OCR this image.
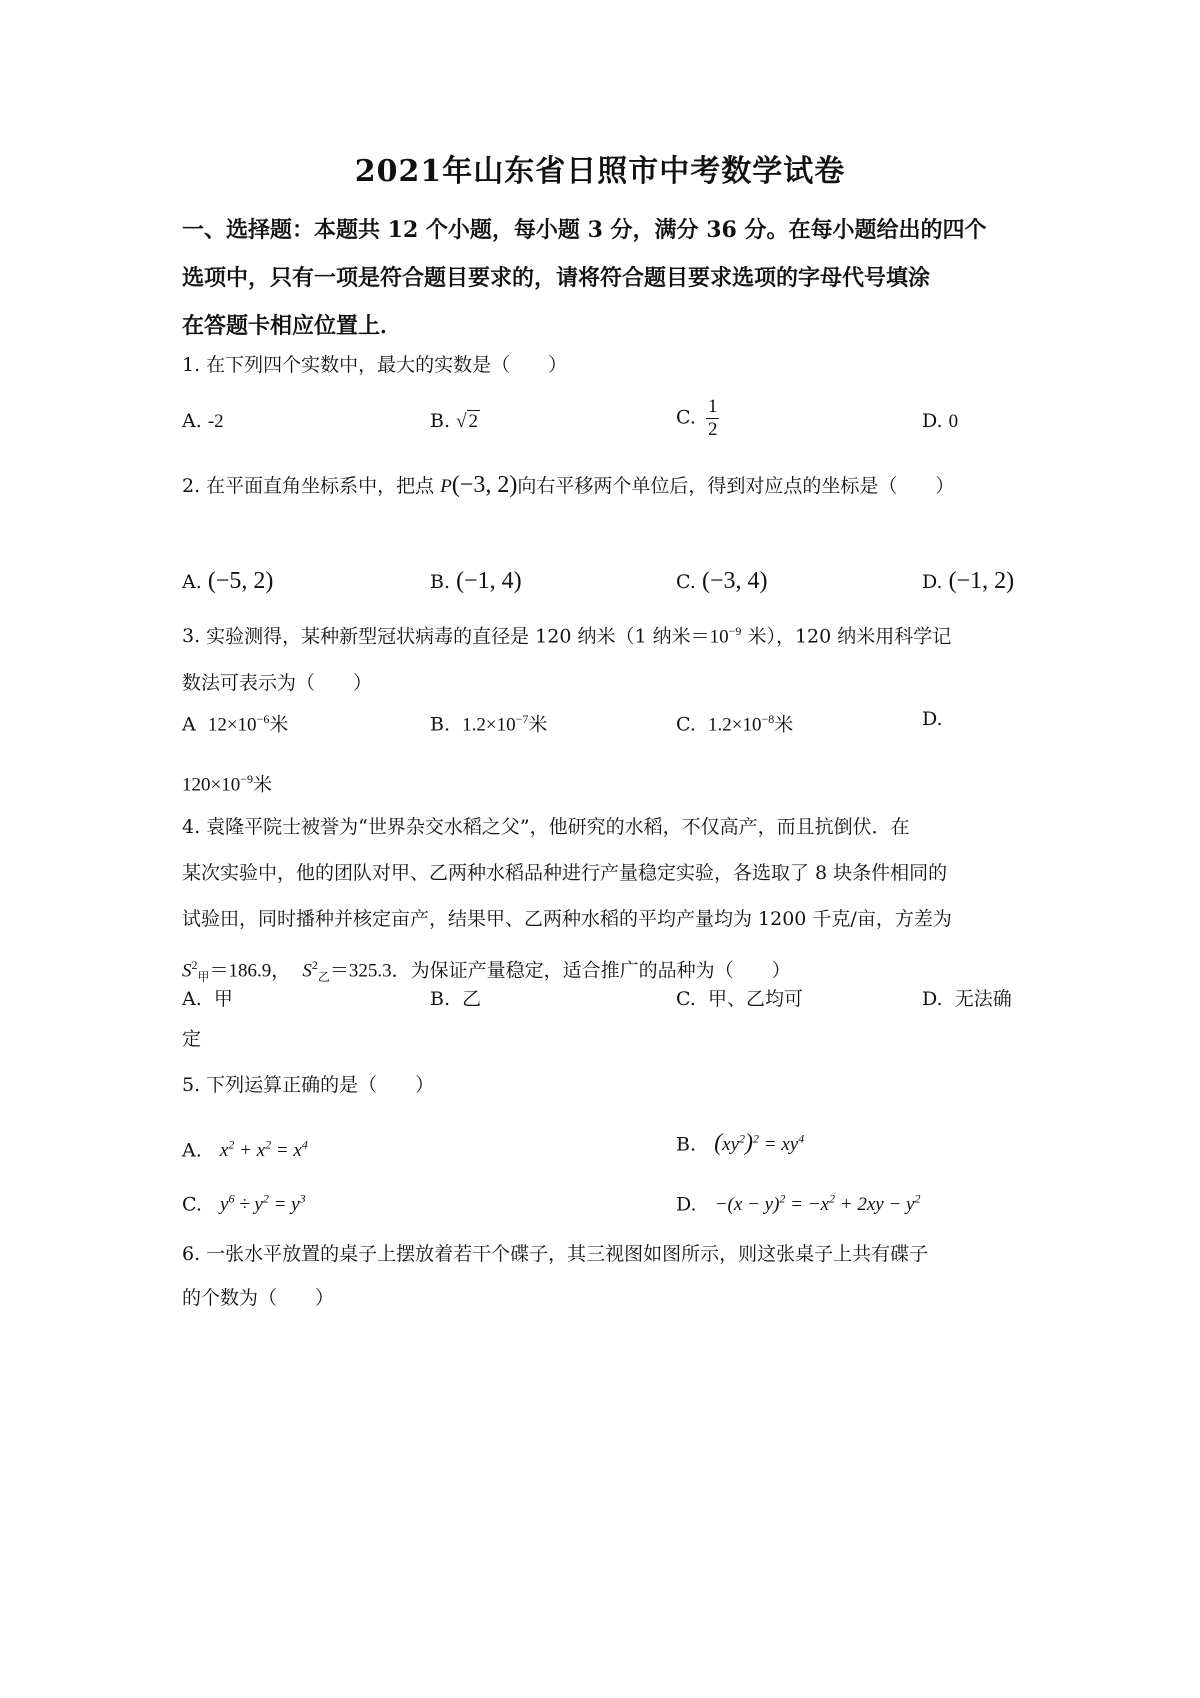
2021年山东省日照市中考数学试卷
一、选择题：本题共 12 个小题，每小题 3 分，满分 36 分。在每小题给出的四个
选项中，只有一项是符合题目要求的，请将符合题目要求选项的字母代号填涂
在答题卡相应位置上．
1. 在下列四个实数中，最大的实数是（　　）
A. -2	B. √ 2	C. $\frac{1}{2}$	D. 0
2. 在平面直角坐标系中，把点 P(−3, 2)向右平移两个单位后，得到对应点的坐标是（　　）
A. (−5, 2)	B. (−1, 4)	C. (−3, 4)	D. (−1, 2)
3. 实验测得，某种新型冠状病毒的直径是 120 纳米（1 纳米$=10^{-9}$ 米），120 纳米用科学记
数法可表示为（　　）
A $12\times 10^{-6}$米	B. $1.2\times 10^{-7}$米	C. $1.2\times 10^{-8}$米	D.
$120\times 10^{-9}$米
4. 袁隆平院士被誉为“世界杂交水稻之父”，他研究的水稻，不仅高产，而且抗倒伏．在
某次实验中，他的团队对甲、乙两种水稻品种进行产量稳定实验，各选取了 8 块条件相同的
试验田，同时播种并核定亩产，结果甲、乙两种水稻的平均产量均为 1200 千克/亩，方差为
$S^2_甲=186.9$，  $S^2_乙=325.3$．为保证产量稳定，适合推广的品种为（　　）
A. 甲	B. 乙	C. 甲、乙均可	D. 无法确
定
5. 下列运算正确的是（　　）
A. $x^2 + x^2 = x^4$	B. $(xy^2)^2 = xy^4$
C. $y^6 \div y^2 = y^3$	D. $-(x - y)^2 = -x^2 + 2xy - y^2$
6. 一张水平放置的桌子上摆放着若干个碟子，其三视图如图所示，则这张桌子上共有碟子
的个数为（　　）
